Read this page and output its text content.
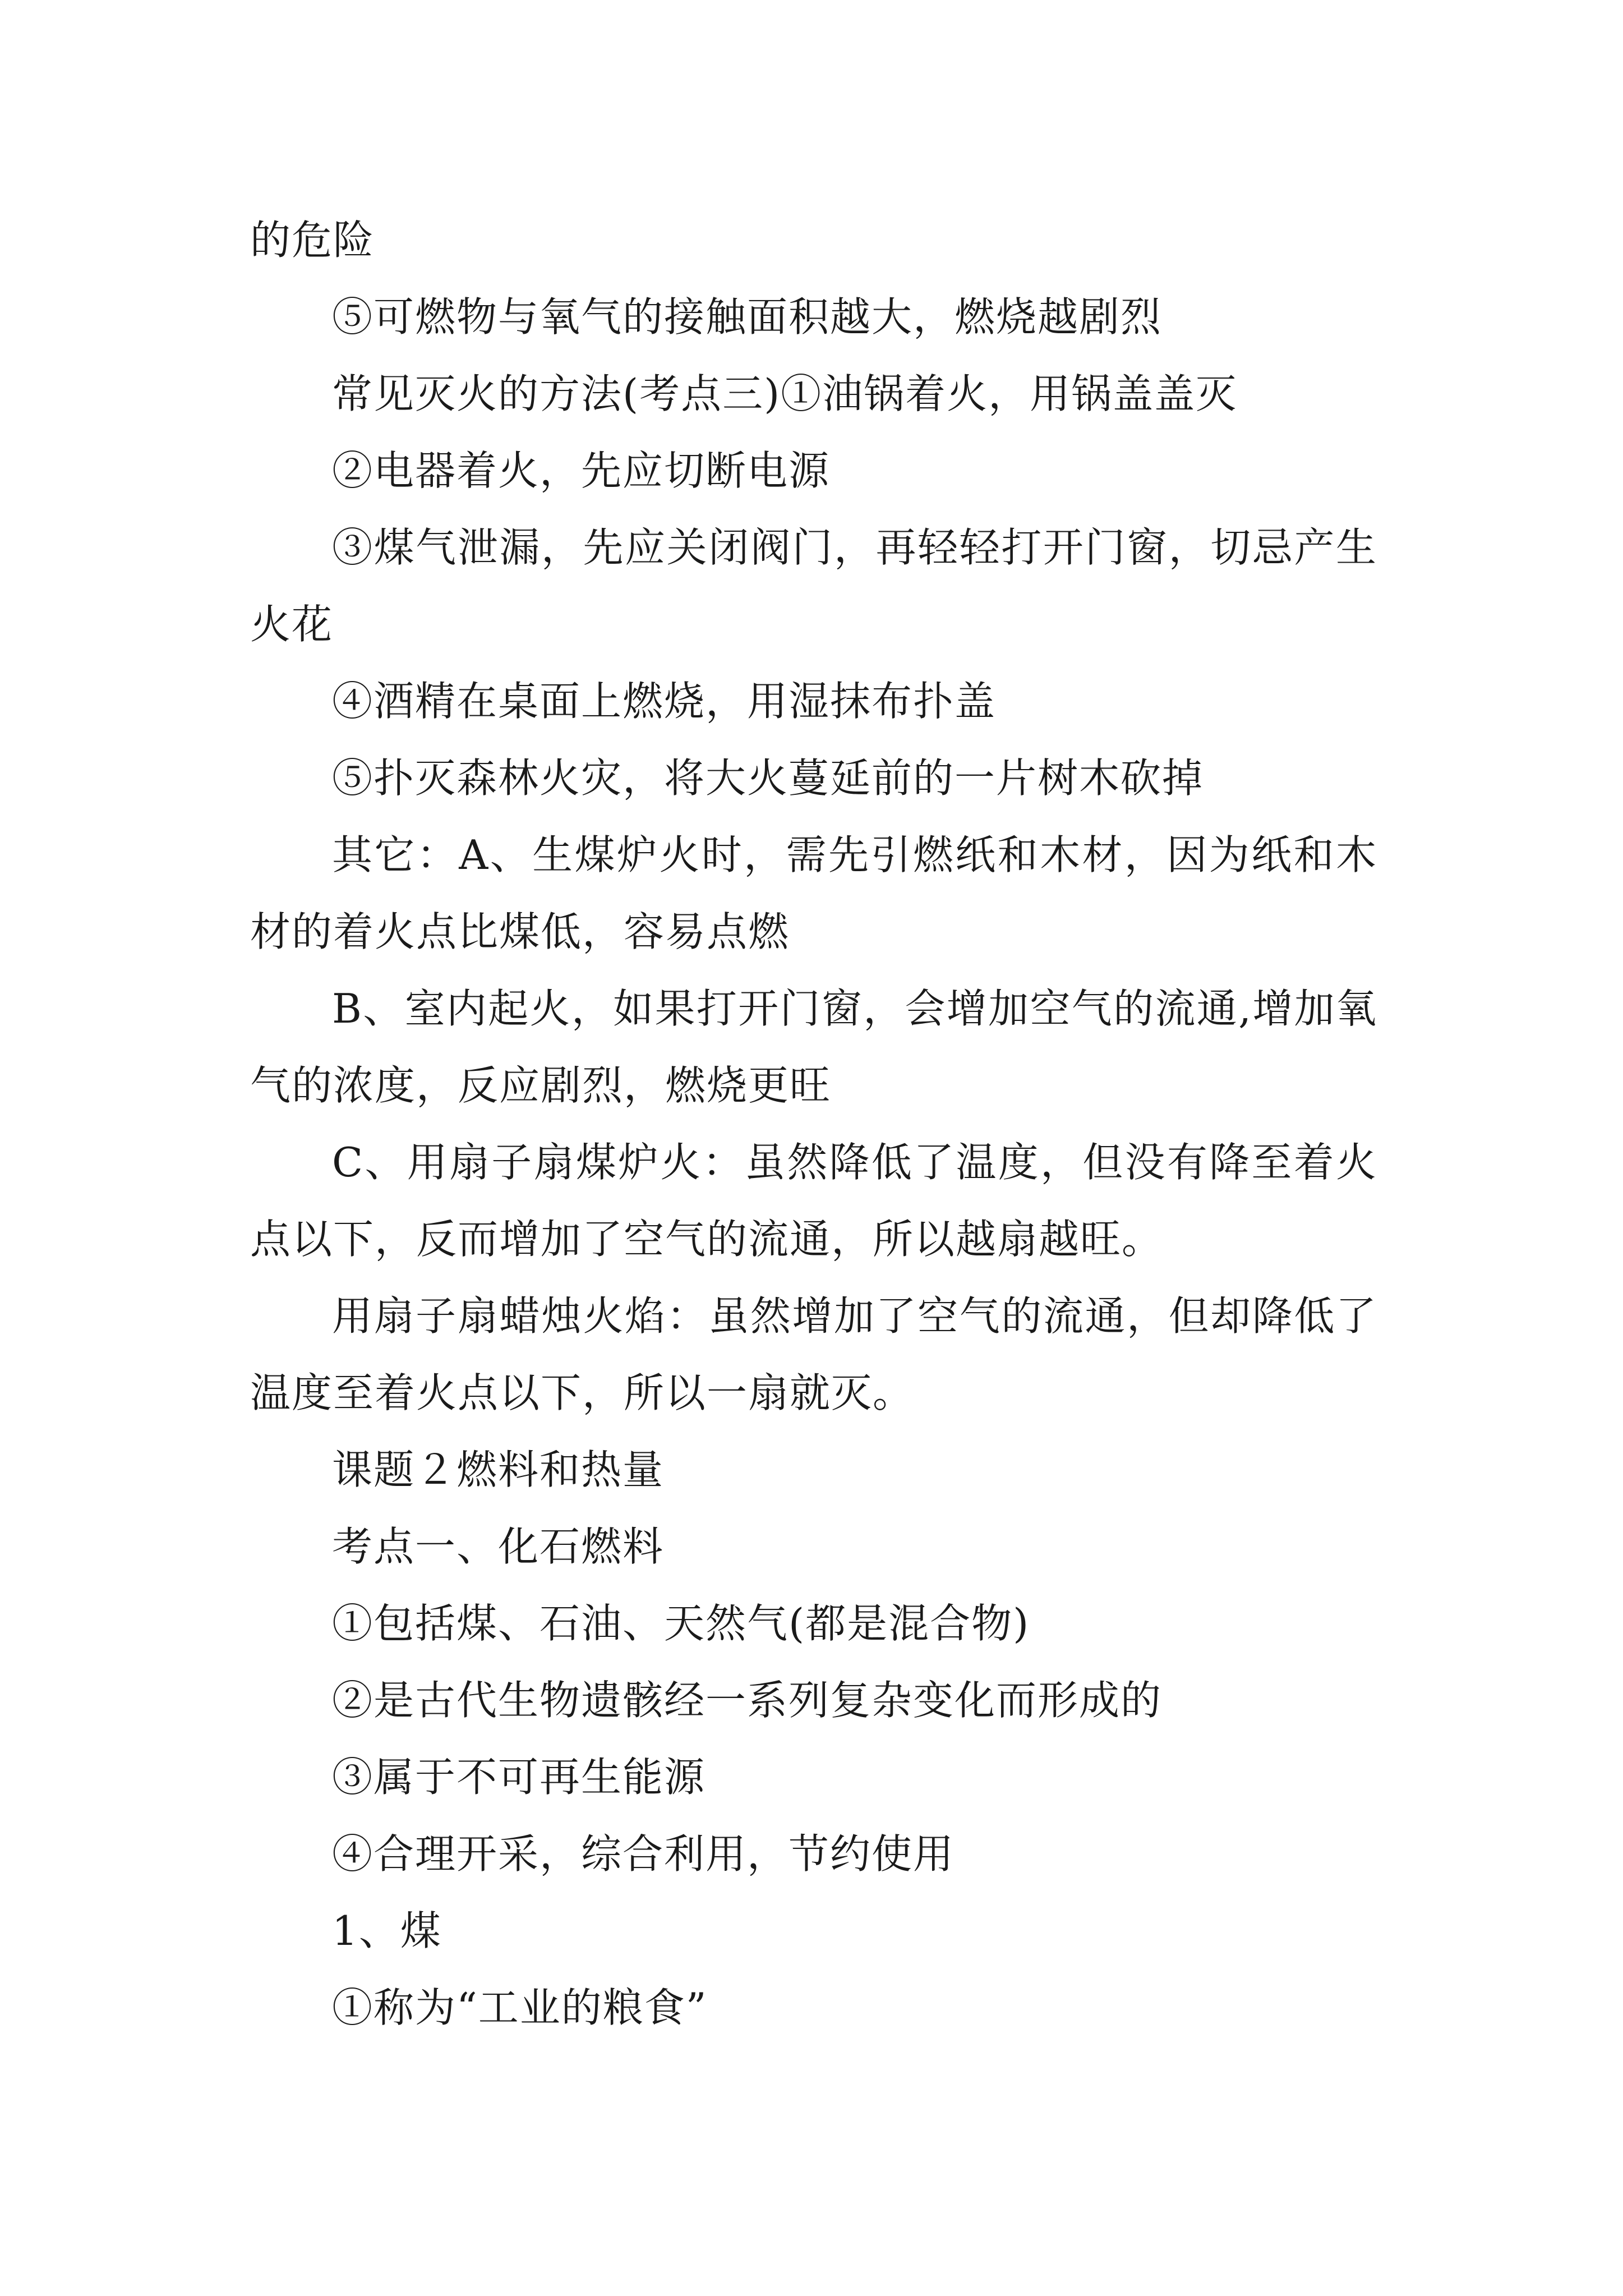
的危险

⑤可燃物与氧气的接触面积越大，燃烧越剧烈

常见灭火的方法(考点三)①油锅着火，用锅盖盖灭

②电器着火，先应切断电源

③煤气泄漏，先应关闭阀门，再轻轻打开门窗，切忌产生火花

④酒精在桌面上燃烧，用湿抹布扑盖

⑤扑灭森林火灾，将大火蔓延前的一片树木砍掉

其它：A、生煤炉火时，需先引燃纸和木材，因为纸和木材的着火点比煤低，容易点燃

B、室内起火，如果打开门窗，会增加空气的流通,增加氧气的浓度，反应剧烈，燃烧更旺

C、用扇子扇煤炉火：虽然降低了温度，但没有降至着火点以下，反而增加了空气的流通，所以越扇越旺。

用扇子扇蜡烛火焰：虽然增加了空气的流通，但却降低了温度至着火点以下，所以一扇就灭。

课题２燃料和热量

考点一、化石燃料

①包括煤、石油、天然气(都是混合物)

②是古代生物遗骸经一系列复杂变化而形成的

③属于不可再生能源

④合理开采，综合利用，节约使用

1、煤

①称为“工业的粮食”
